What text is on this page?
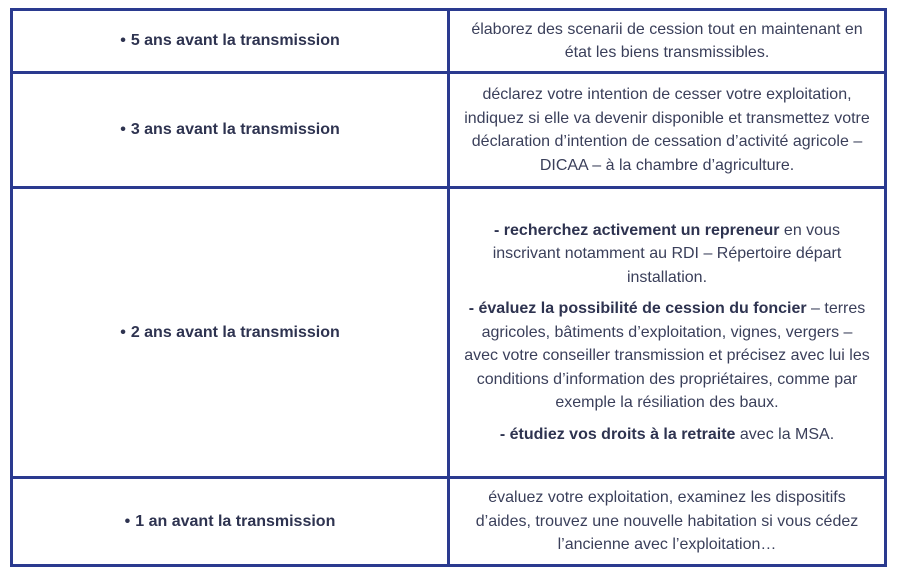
• 5 ans avant la transmission

élaborez des scenarii de cession tout en maintenant en état les biens transmissibles.

• 3 ans avant la transmission

déclarez votre intention de cesser votre exploitation, indiquez si elle va devenir disponible et transmettez votre déclaration d’intention de cessation d’activité agricole – DICAA – à la chambre d’agriculture.

• 2 ans avant la transmission

- recherchez activement un repreneur en vous inscrivant notamment au RDI – Répertoire départ installation.

- évaluez la possibilité de cession du foncier – terres agricoles, bâtiments d’exploitation, vignes, vergers – avec votre conseiller transmission et précisez avec lui les conditions d’information des propriétaires, comme par exemple la résiliation des baux.

- étudiez vos droits à la retraite avec la MSA.

• 1 an avant la transmission

évaluez votre exploitation, examinez les dispositifs d’aides, trouvez une nouvelle habitation si vous cédez l’ancienne avec l’exploitation…
